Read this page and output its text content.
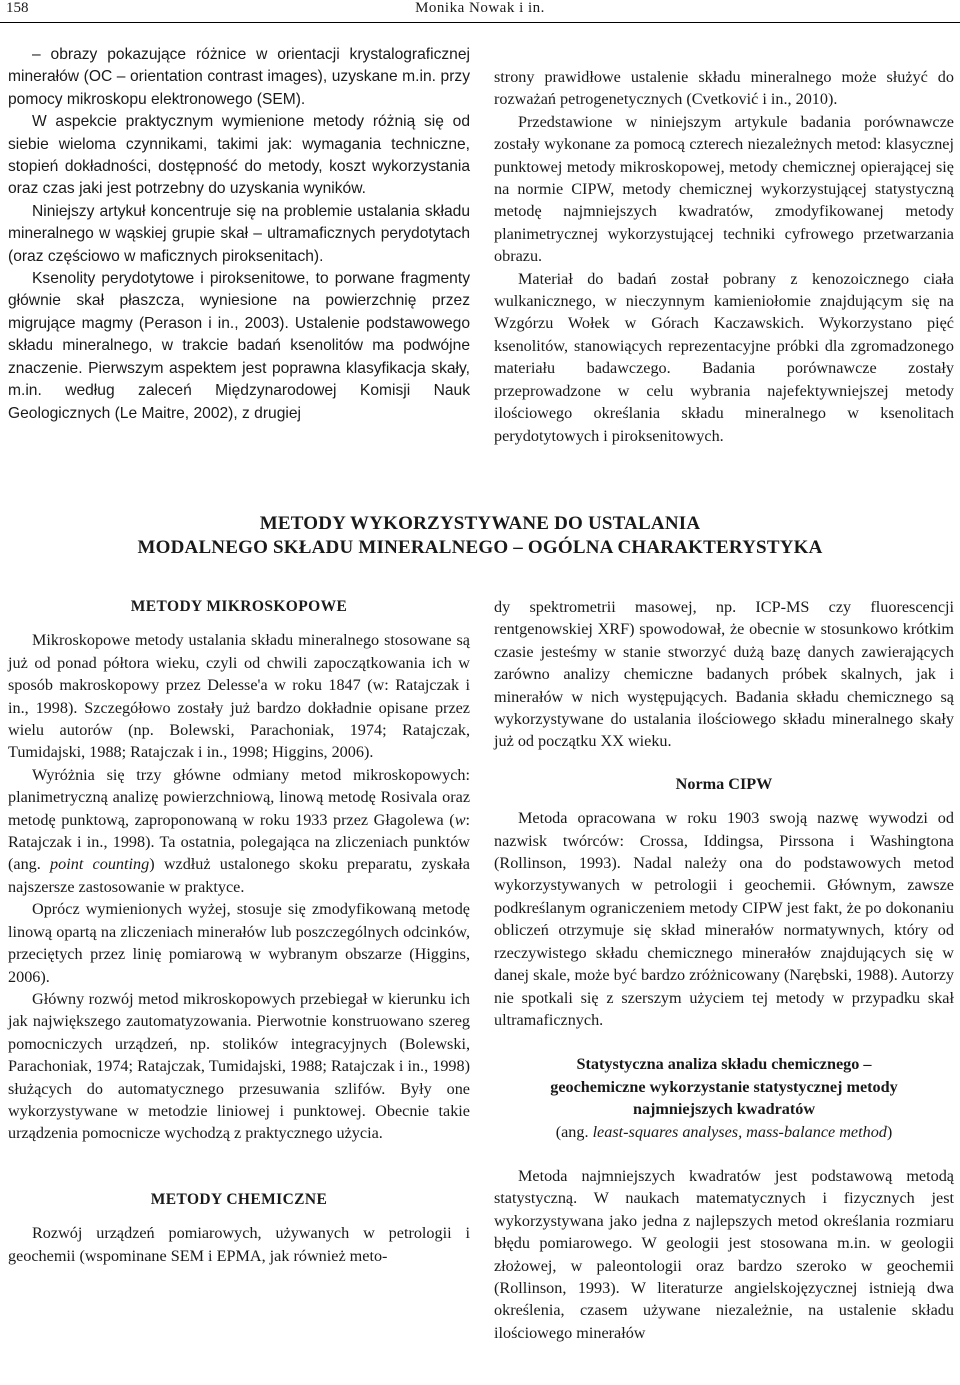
158	Monika Nowak i in.

– obrazy pokazujące różnice w orientacji krystalograficznej minerałów (OC – orientation contrast images), uzyskane m.in. przy pomocy mikroskopu elektronowego (SEM).

W aspekcie praktycznym wymienione metody różnią się od siebie wieloma czynnikami, takimi jak: wymagania techniczne, stopień dokładności, dostępność do metody, koszt wykorzystania oraz czas jaki jest potrzebny do uzyskania wyników.

Niniejszy artykuł koncentruje się na problemie ustalania składu mineralnego w wąskiej grupie skał – ultramaficznych perydotytach (oraz częściowo w maficznych piroksenitach).

Ksenolity perydotytowe i piroksenitowe, to porwane fragmenty głównie skał płaszcza, wyniesione na powierzchnię przez migrujące magmy (Perason i in., 2003). Ustalenie podstawowego składu mineralnego, w trakcie badań ksenolitów ma podwójne znaczenie. Pierwszym aspektem jest poprawna klasyfikacja skały, m.in. według zaleceń Międzynarodowej Komisji Nauk Geologicznych (Le Maitre, 2002), z drugiej

strony prawidłowe ustalenie składu mineralnego może służyć do rozważań petrogenetycznych (Cvetković i in., 2010).

Przedstawione w niniejszym artykule badania porównawcze zostały wykonane za pomocą czterech niezależnych metod: klasycznej punktowej metody mikroskopowej, metody chemicznej opierającej się na normie CIPW, metody chemicznej wykorzystującej statystyczną metodę najmniejszych kwadratów, zmodyfikowanej metody planimetrycznej wykorzystującej techniki cyfrowego przetwarzania obrazu.

Materiał do badań został pobrany z kenozoicznego ciała wulkanicznego, w nieczynnym kamieniołomie znajdującym się na Wzgórzu Wołek w Górach Kaczawskich. Wykorzystano pięć ksenolitów, stanowiących reprezentacyjne próbki dla zgromadzonego materiału badawczego. Badania porównawcze zostały przeprowadzone w celu wybrania najefektywniejszej metody ilościowego określania składu mineralnego w ksenolitach perydotytowych i piroksenitowych.

METODY WYKORZYSTYWANE DO USTALANIA
MODALNEGO SKŁADU MINERALNEGO – OGÓLNA CHARAKTERYSTYKA

METODY MIKROSKOPOWE

Mikroskopowe metody ustalania składu mineralnego stosowane są już od ponad półtora wieku, czyli od chwili zapoczątkowania ich w sposób makroskopowy przez Delesse'a w roku 1847 (w: Ratajczak i in., 1998). Szczegółowo zostały już bardzo dokładnie opisane przez wielu autorów (np. Bolewski, Parachoniak, 1974; Ratajczak, Tumidajski, 1988; Ratajczak i in., 1998; Higgins, 2006).

Wyróżnia się trzy główne odmiany metod mikroskopowych: planimetryczną analizę powierzchniową, linową metodę Rosivala oraz metodę punktową, zaproponowaną w roku 1933 przez Głagolewa (w: Ratajczak i in., 1998). Ta ostatnia, polegająca na zliczeniach punktów (ang. point counting) wzdłuż ustalonego skoku preparatu, zyskała najszersze zastosowanie w praktyce.

Oprócz wymienionych wyżej, stosuje się zmodyfikowaną metodę linową opartą na zliczeniach minerałów lub poszczególnych odcinków, przeciętych przez linię pomiarową w wybranym obszarze (Higgins, 2006).

Główny rozwój metod mikroskopowych przebiegał w kierunku ich jak największego zautomatyzowania. Pierwotnie konstruowano szereg pomocniczych urządzeń, np. stolików integracyjnych (Bolewski, Parachoniak, 1974; Ratajczak, Tumidajski, 1988; Ratajczak i in., 1998) służących do automatycznego przesuwania szlifów. Były one wykorzystywane w metodzie liniowej i punktowej. Obecnie takie urządzenia pomocnicze wychodzą z praktycznego użycia.

METODY CHEMICZNE

Rozwój urządzeń pomiarowych, używanych w petrologii i geochemii (wspominane SEM i EPMA, jak również meto-

dy spektrometrii masowej, np. ICP-MS czy fluorescencji rentgenowskiej XRF) spowodował, że obecnie w stosunkowo krótkim czasie jesteśmy w stanie stworzyć dużą bazę danych zawierających zarówno analizy chemiczne badanych próbek skalnych, jak i minerałów w nich występujących. Badania składu chemicznego są wykorzystywane do ustalania ilościowego składu mineralnego skały już od początku XX wieku.

Norma CIPW

Metoda opracowana w roku 1903 swoją nazwę wywodzi od nazwisk twórców: Crossa, Iddingsa, Pirssona i Washingtona (Rollinson, 1993). Nadal należy ona do podstawowych metod wykorzystywanych w petrologii i geochemii. Głównym, zawsze podkreślanym ograniczeniem metody CIPW jest fakt, że po dokonaniu obliczeń otrzymuje się skład minerałów normatywnych, który od rzeczywistego składu chemicznego minerałów znajdujących się w danej skale, może być bardzo zróżnicowany (Narębski, 1988). Autorzy nie spotkali się z szerszym użyciem tej metody w przypadku skał ultramaficznych.

Statystyczna analiza składu chemicznego –

geochemiczne wykorzystanie statystycznej metody

najmniejszych kwadratów

(ang. least-squares analyses, mass-balance method)

Metoda najmniejszych kwadratów jest podstawową metodą statystyczną. W naukach matematycznych i fizycznych jest wykorzystywana jako jedna z najlepszych metod określania rozmiaru błędu pomiarowego. W geologii jest stosowana m.in. w geologii złożowej, w paleontologii oraz bardzo szeroko w geochemii (Rollinson, 1993). W literaturze angielskojęzycznej istnieją dwa określenia, czasem używane niezależnie, na ustalenie składu ilościowego minerałów
